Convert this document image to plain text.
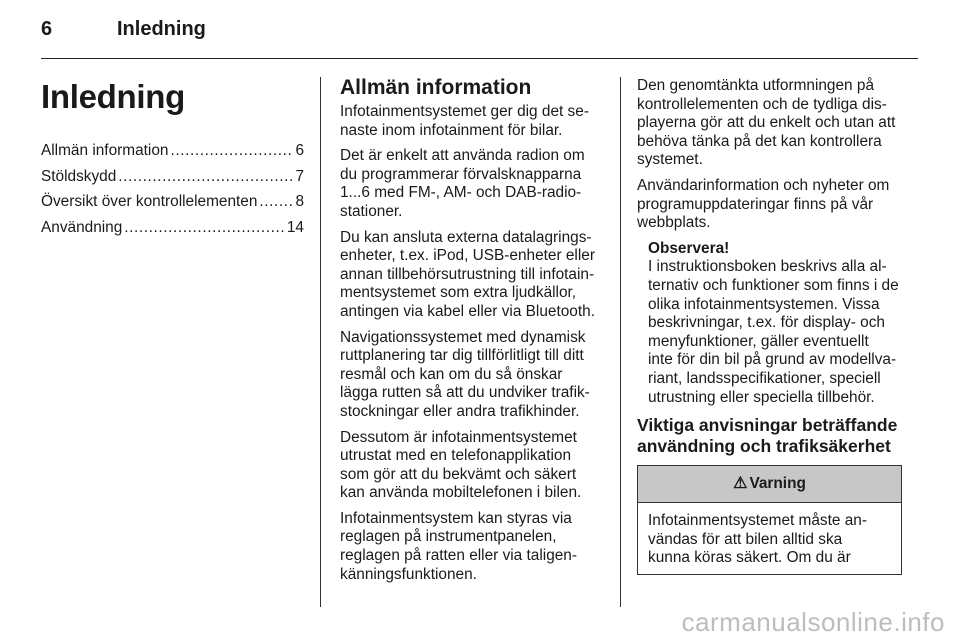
6	Inledning
Inledning
Allmän information .....	6
Stöldskydd .....	7
Översikt över kontrollelementen ..... 8
Användning .....	14
Allmän information

Infotainmentsystemet ger dig det se-
naste inom infotainment för bilar.

Det är enkelt att använda radion om
du programmerar förvalsknapparna
1...6 med FM-, AM- och DAB-radio-
stationer.

Du kan ansluta externa datalagrings-
enheter, t.ex. iPod, USB-enheter eller
annan tillbehörsutrustning till infotain-
mentsystemet som extra ljudkällor,
antingen via kabel eller via Bluetooth.

Navigationssystemet med dynamisk
ruttplanering tar dig tillförlitligt till ditt
resmål och kan om du så önskar
lägga rutten så att du undviker trafik-
stockningar eller andra trafikhinder.

Dessutom är infotainmentsystemet
utrustat med en telefonapplikation
som gör att du bekvämt och säkert
kan använda mobiltelefonen i bilen.

Infotainmentsystem kan styras via
reglagen på instrumentpanelen,
reglagen på ratten eller via taligen-
känningsfunktionen.

Den genomtänkta utformningen på
kontrollelementen och de tydliga dis-
playerna gör att du enkelt och utan att
behöva tänka på det kan kontrollera
systemet.

Användarinformation och nyheter om
programuppdateringar finns på vår
webbplats.

Observera!
I instruktionsboken beskrivs alla al-
ternativ och funktioner som finns i de
olika infotainmentsystemen. Vissa
beskrivningar, t.ex. för display- och
menyfunktioner, gäller eventuellt
inte för din bil på grund av modellva-
riant, landsspecifikationer, speciell
utrustning eller speciella tillbehör.
Viktiga anvisningar beträffande
användning och trafiksäkerhet
⚠ Varning
Infotainmentsystemet måste an-
vändas för att bilen alltid ska
kunna köras säkert. Om du är
carmanualsonline.info
